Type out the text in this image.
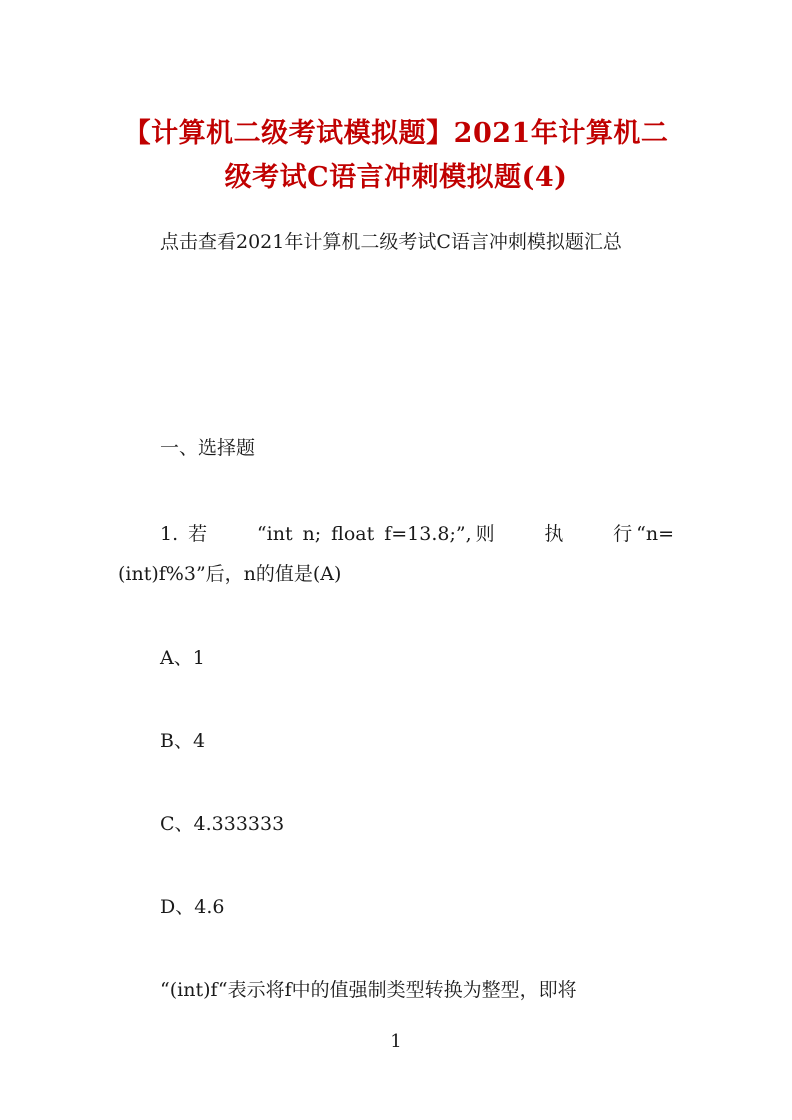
【计算机二级考试模拟题】2021年计算机二级考试C语言冲刺模拟题(4)

点击查看2021年计算机二级考试C语言冲刺模拟题汇总

一、选择题

1. 若　　“int n; float f=13.8;”,则　　执　　行“n=(int)f%3”后，n的值是(A)

A、1

B、4

C、4.333333

D、4.6

“(int)f“表示将f中的值强制类型转换为整型，即将

1
